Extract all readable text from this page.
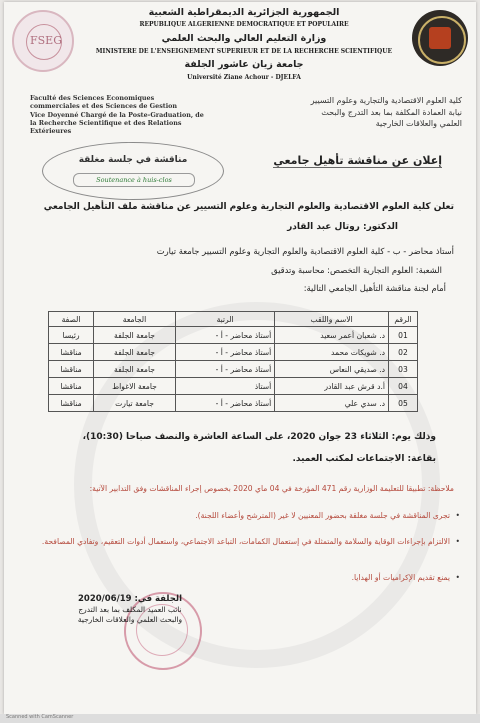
FSEG
الجمهورية الجزائرية الديمقراطية الشعبية
REPUBLIQUE ALGERIENNE DEMOCRATIQUE ET POPULAIRE
وزارة التعليم العالي والبحث العلمي
MINISTERE DE L'ENSEIGNEMENT SUPERIEUR ET DE LA RECHERCHE SCIENTIFIQUE
جامعة زيان عاشور الجلفة
Université Ziane Achour - DJELFA
Faculté des Sciences Economiques
commerciales et des Sciences de Gestion
Vice Doyenné Chargé de la Poste-Graduation, de
la Recherche Scientifique et des Relations
Extérieures
كلية العلوم الاقتصادية والتجارية وعلوم التسيير
نيابة العمادة المكلفة بما بعد التدرج والبحث
العلمي والعلاقات الخارجية
مناقشة في جلسة مغلقة
Soutenance à huis-clos
إعلان عن مناقشة تأهيل جامعي
تعلن كلية العلوم الاقتصادية والعلوم التجارية وعلوم التسيير عن مناقشة ملف التأهيل الجامعي
الدكتور: روتال عبد القادر
أستاذ محاضر - ب - كلية العلوم الاقتصادية والعلوم التجارية وعلوم التسيير جامعة تيارت
الشعبة: العلوم التجارية التخصص: محاسبة وتدقيق
أمام لجنة مناقشة التأهيل الجامعي التالية:
الرقم	الاسم واللقب	الرتبة	الجامعة	الصفة
01	د. شعبان أعمر سعيد	أستاذ محاضر - أ -	جامعة الجلفة	رئيسا
02	د. شويكات محمد	أستاذ محاضر - أ -	جامعة الجلفة	مناقشا
03	د. صديقي النعاس	أستاذ محاضر - أ -	جامعة الجلفة	مناقشا
04	أ.د قرش عبد القادر	أستاذ	جامعة الاغواط	مناقشا
05	د. سدي علي	أستاذ محاضر - أ -	جامعة تيارت	مناقشا
وذلك يوم: الثلاثاء 23 جوان 2020، على الساعة العاشرة والنصف صباحا (10:30)،
بقاعة: الاجتماعات لمكتب العميد.
ملاحظة: تطبيقا للتعليمة الوزارية رقم 471 المؤرخة في 04 ماي 2020 بخصوص إجراء المناقشات وفق التدابير الآتية:
• تجرى المناقشة في جلسة مغلقة بحضور المعنيين لا غير (المترشح وأعضاء اللجنة).
• الالتزام بإجراءات الوقاية والسلامة والمتمثلة في إستعمال الكمامات، التباعد الاجتماعي، واستعمال أدوات التعقيم، وتفادي المصافحة.
• يمنع تقديم الإكراميات أو الهدايا.
الجلفة في: 2020/06/19
نائب العميد المكلف بما بعد التدرج
والبحث العلمي والعلاقات الخارجية
Scanned with CamScanner
